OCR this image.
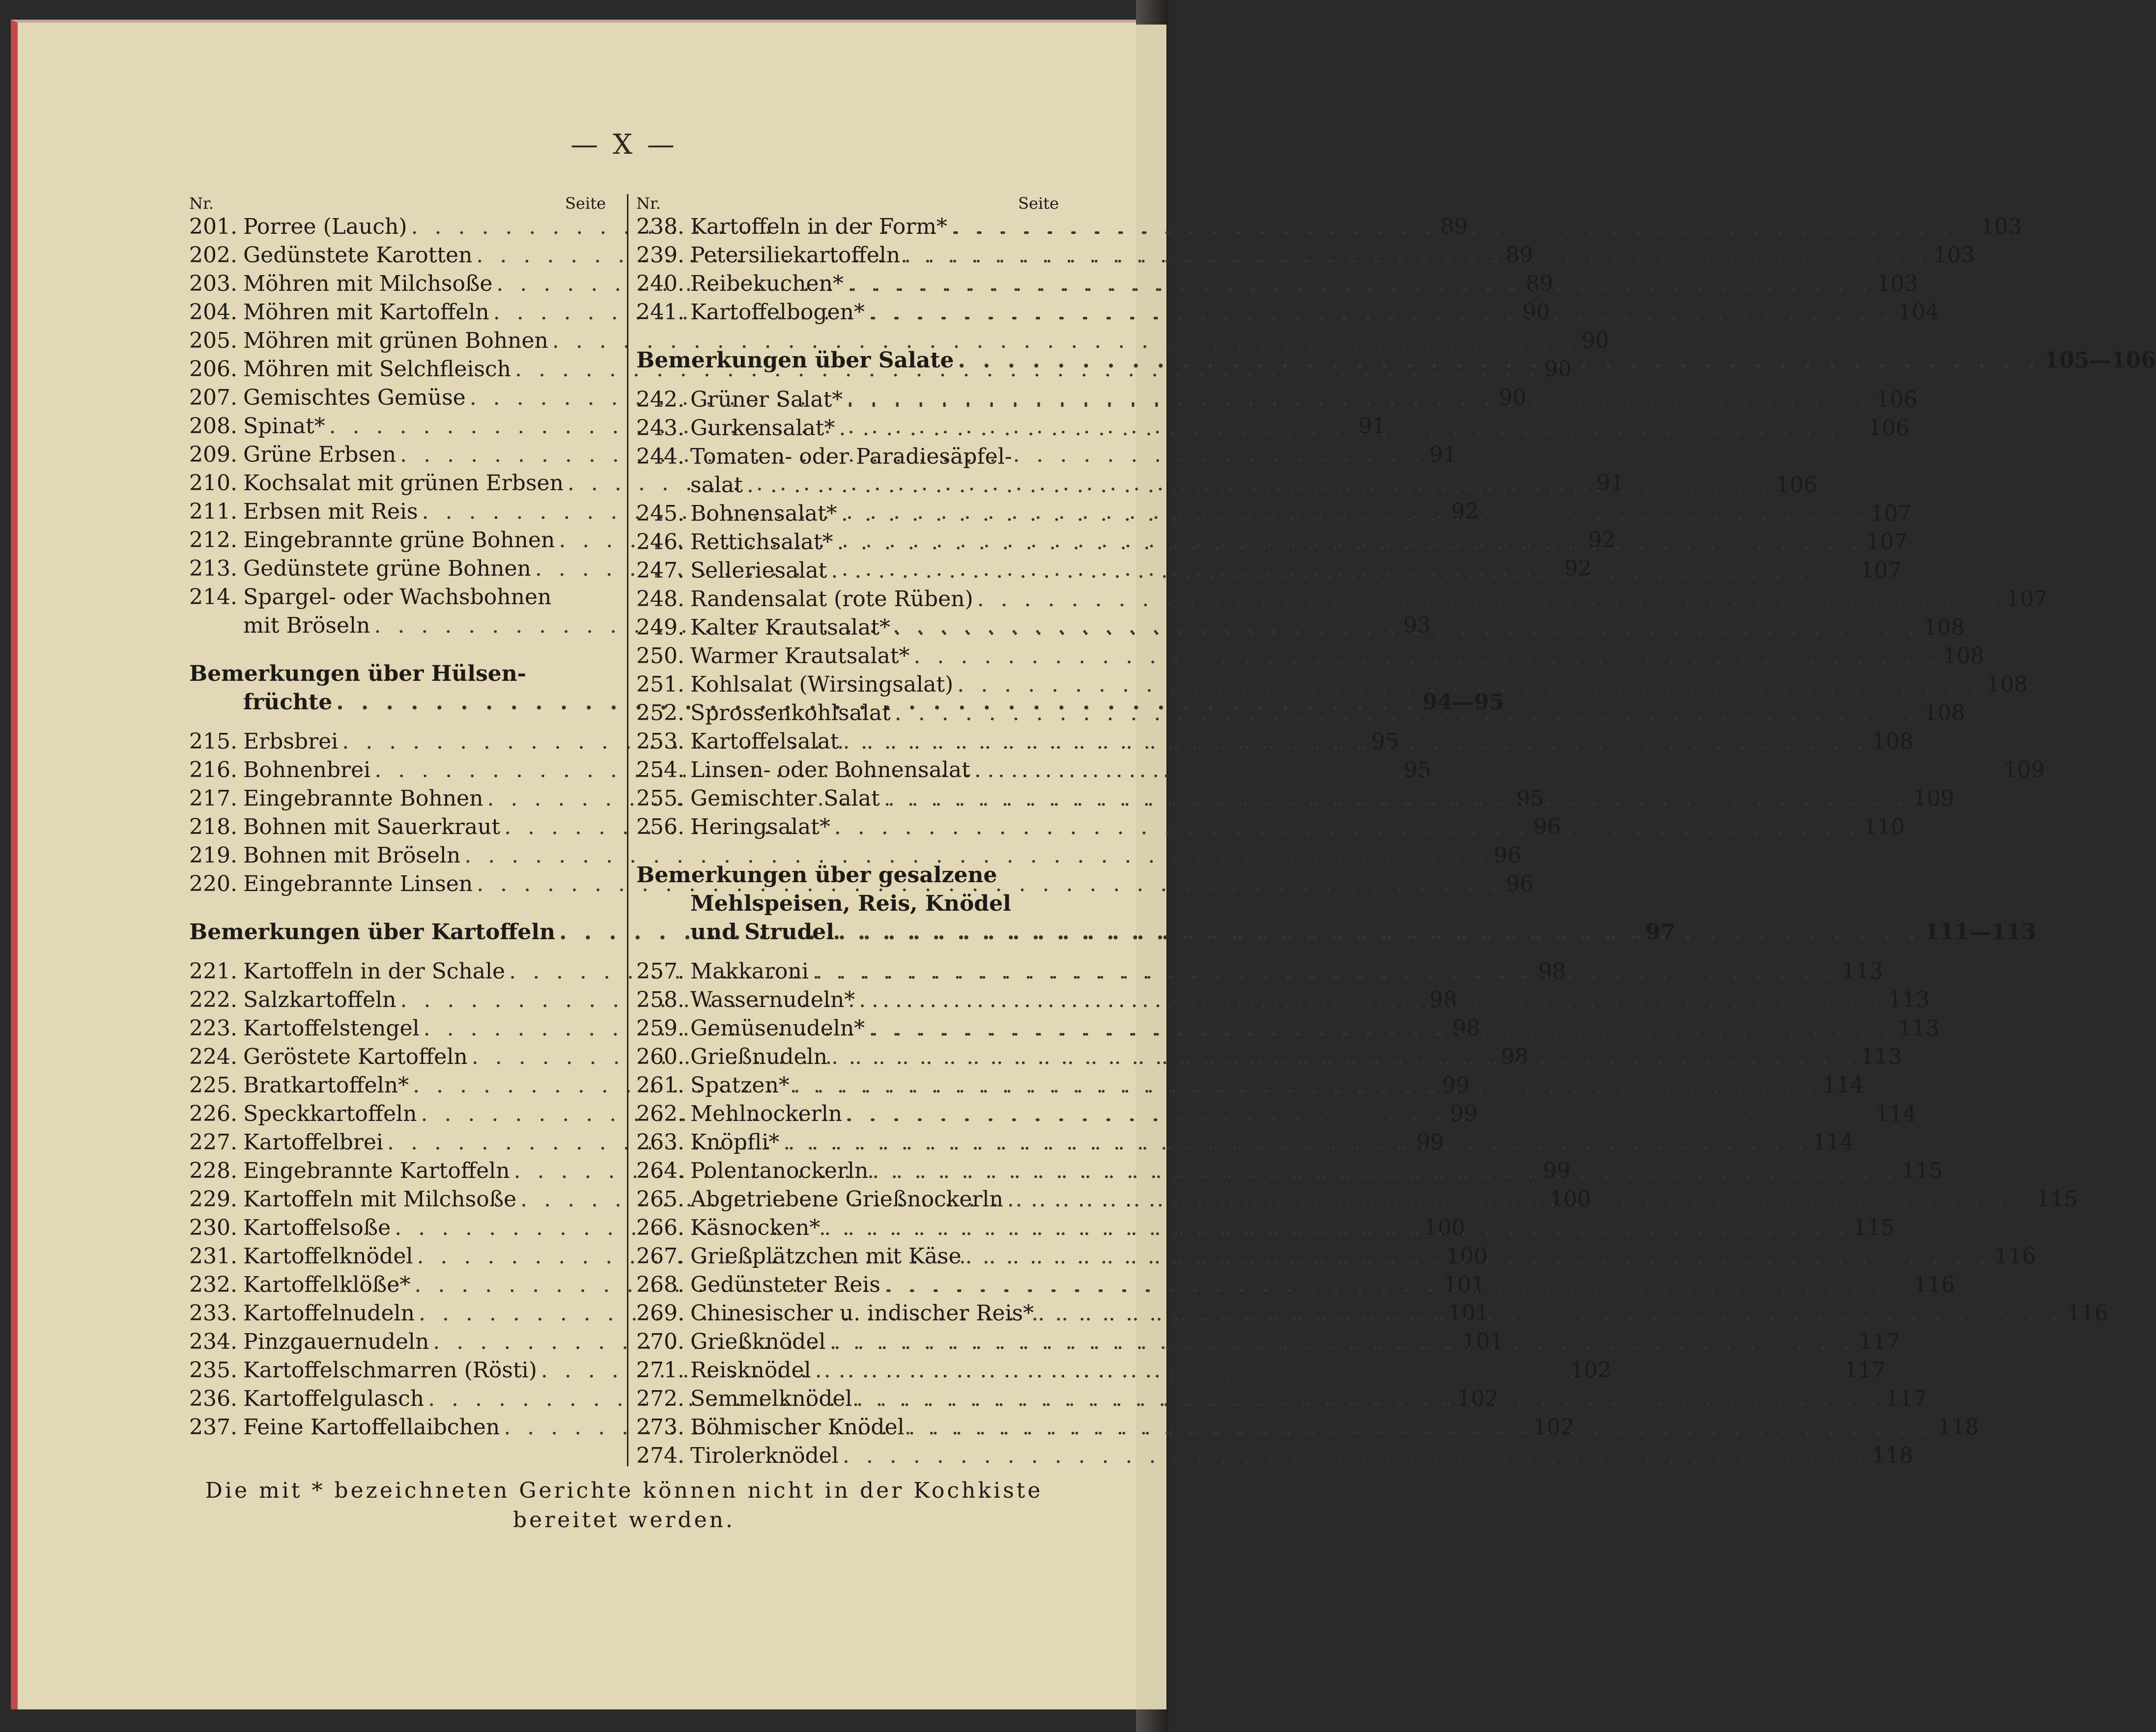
— X —
Nr.	Seite
201. Porree (Lauch) . . .	89
202. Gedünstete Karotten . . .	89
203. Möhren mit Milchsoße . . .	89
204. Möhren mit Kartoffeln . . .	90
205. Möhren mit grünen Bohnen . . .	90
206. Möhren mit Selchfleisch . . .	90
207. Gemischtes Gemüse . . .	90
208. Spinat* . . .	91
209. Grüne Erbsen . . .	91
210. Kochsalat mit grünen Erbsen . . .	91
211. Erbsen mit Reis . . .	92
212. Eingebrannte grüne Bohnen . . .	92
213. Gedünstete grüne Bohnen . . .	92
214. Spargel- oder Wachsbohnen
mit Bröseln . . .	93
Bemerkungen über Hülsen-
früchte . . .	94—95
215. Erbsbrei . . .	95
216. Bohnenbrei . . .	95
217. Eingebrannte Bohnen . . .	95
218. Bohnen mit Sauerkraut . . .	96
219. Bohnen mit Bröseln . . .	96
220. Eingebrannte Linsen . . .	96
Bemerkungen über Kartoffeln . . .	97
221. Kartoffeln in der Schale . . .	98
222. Salzkartoffeln . . .	98
223. Kartoffelstengel . . .	98
224. Geröstete Kartoffeln . . .	98
225. Bratkartoffeln* . . .	99
226. Speckkartoffeln . . .	99
227. Kartoffelbrei . . .	99
228. Eingebrannte Kartoffeln . . .	99
229. Kartoffeln mit Milchsoße . . .	100
230. Kartoffelsoße . . .	100
231. Kartoffelknödel . . .	100
232. Kartoffelklöße* . . .	101
233. Kartoffelnudeln . . .	101
234. Pinzgauernudeln . . .	101
235. Kartoffelschmarren (Rösti) . . .	102
236. Kartoffelgulasch . . .	102
237. Feine Kartoffellaibchen . . .	102
Nr.	Seite
238. Kartoffeln in der Form* . . .	103
239. Petersiliekartoffeln . . .	103
240. Reibekuchen* . . .	103
241. Kartoffelbogen* . . .	104
Bemerkungen über Salate . . .	105—106
242. Grüner Salat* . . .	106
243. Gurkensalat* . . .	106
244. Tomaten- oder Paradiesäpfel-
salat . . .	106
245. Bohnensalat* . . .	107
246. Rettichsalat* . . .	107
247. Selleriesalat . . .	107
248. Randensalat (rote Rüben) . . .	107
249. Kalter Krautsalat* . . .	108
250. Warmer Krautsalat* . . .	108
251. Kohlsalat (Wirsingsalat) . . .	108
252. Sprossenkohlsalat . . .	108
253. Kartoffelsalat . . .	108
254. Linsen- oder Bohnensalat . . .	109
255. Gemischter Salat . . .	109
256. Heringsalat* . . .	110
Bemerkungen über gesalzene
Mehlspeisen, Reis, Knödel
und Strudel . . .	111—113
257. Makkaroni . . .	113
258. Wassernudeln* . . .	113
259. Gemüsenudeln* . . .	113
260. Grießnudeln . . .	113
261. Spatzen* . . .	114
262. Mehlnockerln . . .	114
263. Knöpfli* . . .	114
264. Polentanockerln . . .	115
265. Abgetriebene Grießnockerln . . .	115
266. Käsnocken* . . .	115
267. Grießplätzchen mit Käse . . .	116
268. Gedünsteter Reis . . .	116
269. Chinesischer u. indischer Reis* . . .	116
270. Grießknödel . . .	117
271. Reisknödel . . .	117
272. Semmelknödel . . .	117
273. Böhmischer Knödel . . .	118
274. Tirolerknödel . . .	118
Die mit * bezeichneten Gerichte können nicht in der Kochkiste
bereitet werden.
